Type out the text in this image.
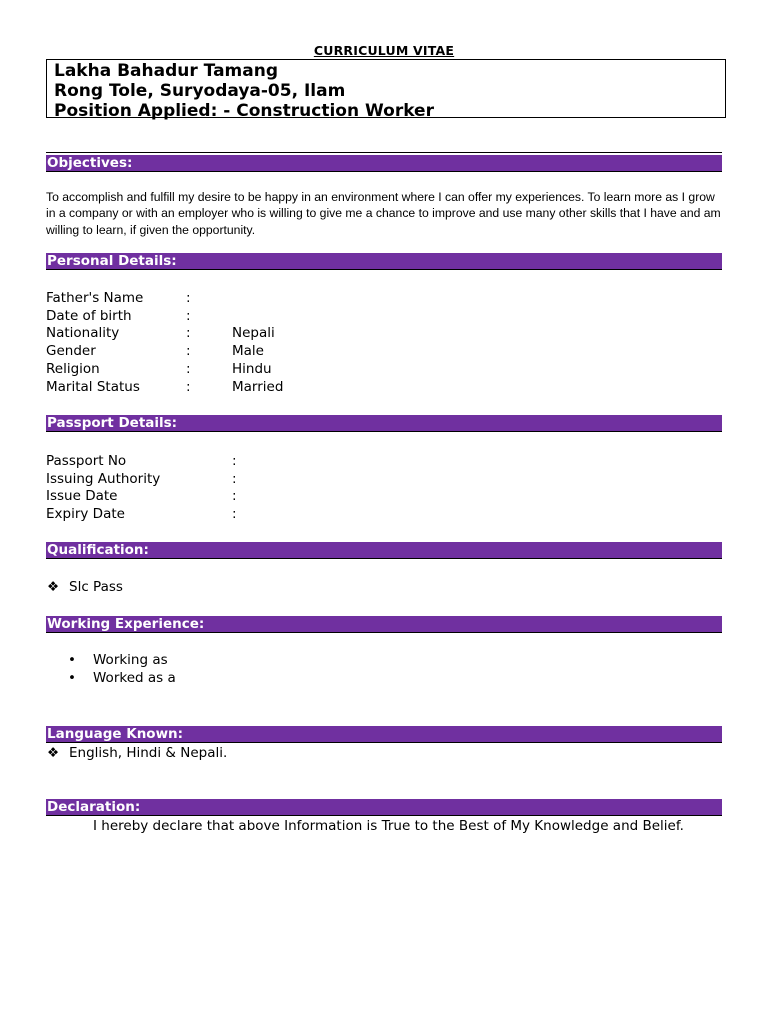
CURRICULUM VITAE
Lakha Bahadur Tamang
Rong Tole, Suryodaya-05, Ilam
Position Applied: - Construction Worker
Objectives:
To accomplish and fulfill my desire to be happy in an environment where I can offer my experiences. To learn more as I grow in a company or with an employer who is willing to give me a chance to improve and use many other skills that I have and am willing to learn, if given the opportunity.
Personal Details:
Father's Name	:
Date of birth	:
Nationality	:	Nepali
Gender	:	Male
Religion	:	Hindu
Marital Status	:	Married
Passport Details:
Passport No	:
Issuing Authority	:
Issue Date	:
Expiry Date	:
Qualification:
❖ Slc Pass
Working Experience:
• Working as
• Worked as a
Language Known:
❖ English, Hindi & Nepali.
Declaration:
I hereby declare that above Information is True to the Best of My Knowledge and Belief.
